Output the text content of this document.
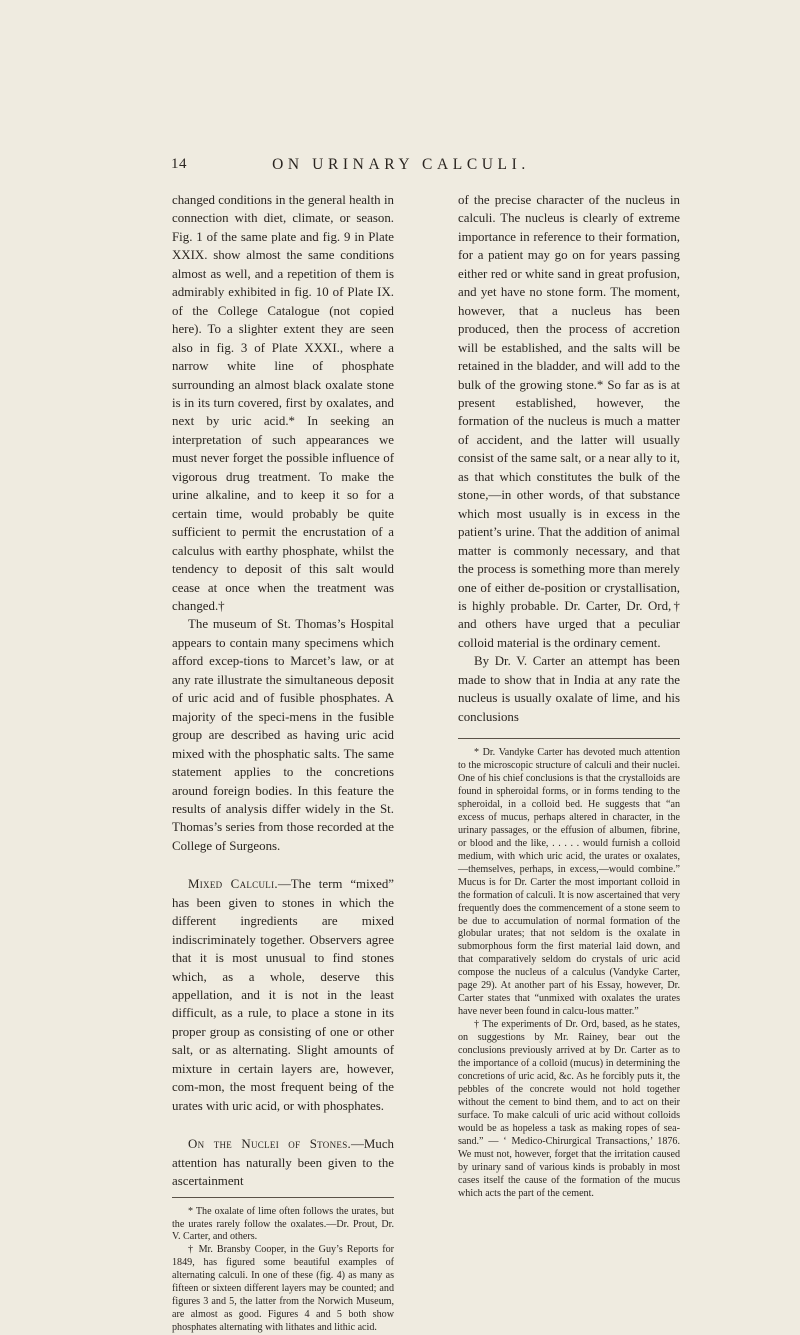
14	ON URINARY CALCULI.

changed conditions in the general health in connection with diet, climate, or season. Fig. 1 of the same plate and fig. 9 in Plate XXIX. show almost the same conditions almost as well, and a repetition of them is admirably exhibited in fig. 10 of Plate IX. of the College Catalogue (not copied here). To a slighter extent they are seen also in fig. 3 of Plate XXXI., where a narrow white line of phosphate surrounding an almost black oxalate stone is in its turn covered, first by oxalates, and next by uric acid.* In seeking an interpretation of such appearances we must never forget the possible influence of vigorous drug treatment. To make the urine alkaline, and to keep it so for a certain time, would probably be quite sufficient to permit the encrustation of a calculus with earthy phosphate, whilst the tendency to deposit of this salt would cease at once when the treatment was changed.†

The museum of St. Thomas’s Hospital appears to contain many specimens which afford excep-tions to Marcet’s law, or at any rate illustrate the simultaneous deposit of uric acid and of fusible phosphates. A majority of the speci-mens in the fusible group are described as having uric acid mixed with the phosphatic salts. The same statement applies to the concretions around foreign bodies. In this feature the results of analysis differ widely in the St. Thomas’s series from those recorded at the College of Surgeons.

Mixed Calculi.—The term “mixed” has been given to stones in which the different ingredients are mixed indiscriminately together. Observers agree that it is most unusual to find stones which, as a whole, deserve this appellation, and it is not in the least difficult, as a rule, to place a stone in its proper group as consisting of one or other salt, or as alternating. Slight amounts of mixture in certain layers are, however, com-mon, the most frequent being of the urates with uric acid, or with phosphates.

On the Nuclei of Stones.—Much attention has naturally been given to the ascertainment

* The oxalate of lime often follows the urates, but the urates rarely follow the oxalates.—Dr. Prout, Dr. V. Carter, and others.

† Mr. Bransby Cooper, in the Guy’s Reports for 1849, has figured some beautiful examples of alternating calculi. In one of these (fig. 4) as many as fifteen or sixteen different layers may be counted; and figures 3 and 5, the latter from the Norwich Museum, are almost as good. Figures 4 and 5 both show phosphates alternating with lithates and lithic acid.

of the precise character of the nucleus in calculi. The nucleus is clearly of extreme importance in reference to their formation, for a patient may go on for years passing either red or white sand in great profusion, and yet have no stone form. The moment, however, that a nucleus has been produced, then the process of accretion will be established, and the salts will be retained in the bladder, and will add to the bulk of the growing stone.* So far as is at present established, however, the formation of the nucleus is much a matter of accident, and the latter will usually consist of the same salt, or a near ally to it, as that which constitutes the bulk of the stone,—in other words, of that substance which most usually is in excess in the patient’s urine. That the addition of animal matter is commonly necessary, and that the process is something more than merely one of either de-position or crystallisation, is highly probable. Dr. Carter, Dr. Ord,† and others have urged that a peculiar colloid material is the ordinary cement.

By Dr. V. Carter an attempt has been made to show that in India at any rate the nucleus is usually oxalate of lime, and his conclusions

* Dr. Vandyke Carter has devoted much attention to the microscopic structure of calculi and their nuclei. One of his chief conclusions is that the crystalloids are found in spheroidal forms, or in forms tending to the spheroidal, in a colloid bed. He suggests that “an excess of mucus, perhaps altered in character, in the urinary passages, or the effusion of albumen, fibrine, or blood and the like, . . . . . would furnish a colloid medium, with which uric acid, the urates or oxalates,—themselves, perhaps, in excess,—would combine.” Mucus is for Dr. Carter the most important colloid in the formation of calculi. It is now ascertained that very frequently does the commencement of a stone seem to be due to accumulation of normal formation of the globular urates; that not seldom is the oxalate in submorphous form the first material laid down, and that comparatively seldom do crystals of uric acid compose the nucleus of a calculus (Vandyke Carter, page 29). At another part of his Essay, however, Dr. Carter states that “unmixed with oxalates the urates have never been found in calcu-lous matter.”

† The experiments of Dr. Ord, based, as he states, on suggestions by Mr. Rainey, bear out the conclusions previously arrived at by Dr. Carter as to the importance of a colloid (mucus) in determining the concretions of uric acid, &c. As he forcibly puts it, the pebbles of the concrete would not hold together without the cement to bind them, and to act on their surface. To make calculi of uric acid without colloids would be as hopeless a task as making ropes of sea-sand.” — ‘ Medico-Chirurgical Transactions,’ 1876. We must not, however, forget that the irritation caused by urinary sand of various kinds is probably in most cases itself the cause of the formation of the mucus which acts the part of the cement.
